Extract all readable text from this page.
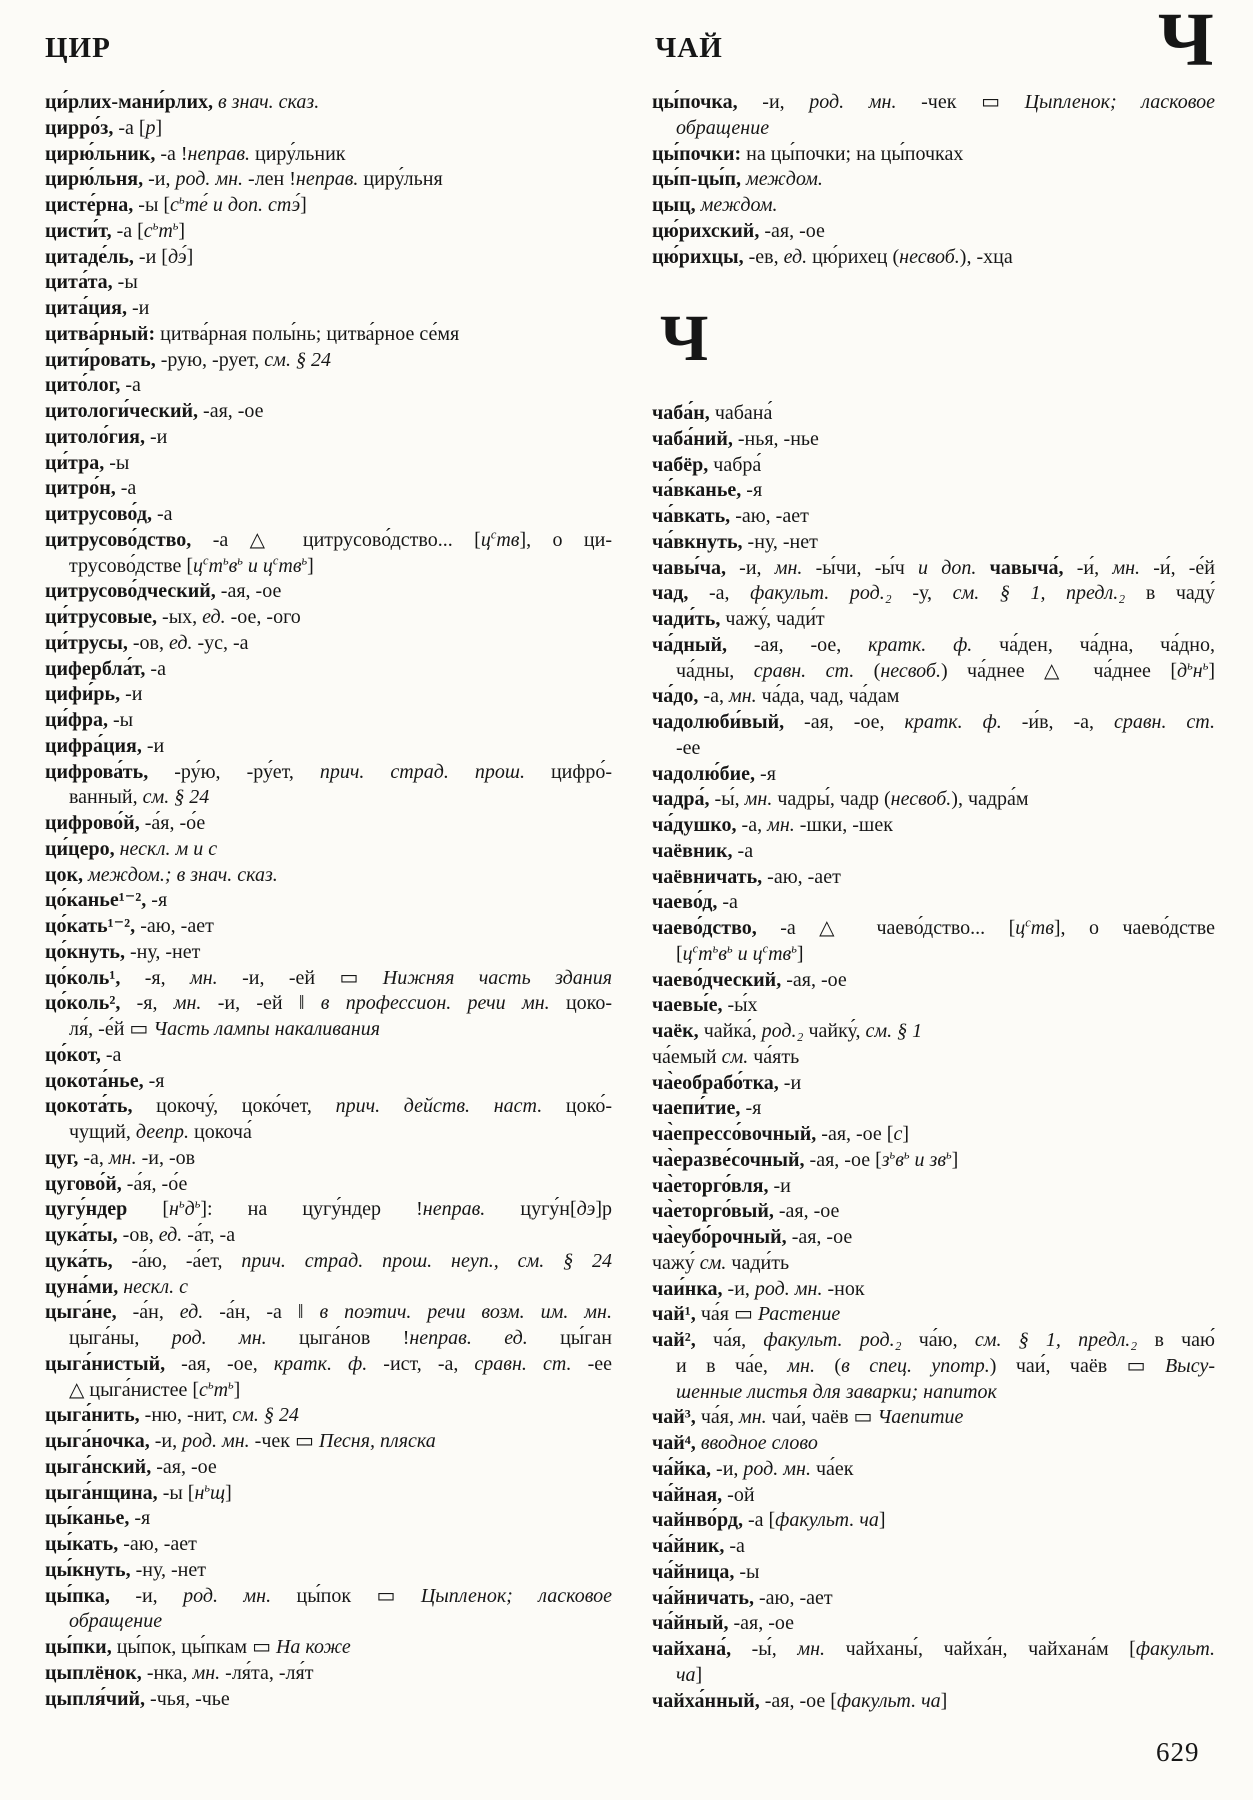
ЦИР	ЧАЙ	Ч
ци́рлих-мани́рлих, в знач. сказ.
цирро́з, -а [р]
цирю́льник, -а !неправ. циру́льник
цирю́льня, -и, род. мн. -лен !неправ. циру́льня
цисте́рна, -ы [$с^ьте́$ и доп. стэ́]
цисти́т, -а $[с^ьт^ь]$
цитаде́ль, -и [дэ́]
цита́та, -ы
цита́ция, -и
цитва́рный: цитва́рная полы́нь; цитва́рное се́мя
цити́ровать, -рую, -рует, см. § 24
цито́лог, -а
цитологи́ческий, -ая, -ое
цитоло́гия, -и
ци́тра, -ы
цитро́н, -а
цитрусово́д, -а
цитрусово́дство, -а △ цитрусово́дство... $[ц^ств]$, о ци-
трусово́дстве [$ц^ст^ьв^ь$ и $ц^ств^ь$]
цитрусово́дческий, -ая, -ое
ци́трусовые, -ых, ед. -ое, -ого
ци́трусы, -ов, ед. -ус, -а
цифербла́т, -а
цифи́рь, -и
ци́фра, -ы
цифра́ция, -и
цифрова́ть, -ру́ю, -ру́ет, прич. страд. прош. цифро́-
ванный, см. § 24
цифрово́й, -а́я, -о́е
ци́церо, нескл. м и с
цок, междом.; в знач. сказ.
цо́канье¹⁻², -я
цо́кать¹⁻², -аю, -ает
цо́кнуть, -ну, -нет
цо́коль¹, -я, мн. -и, -ей ▭ Нижняя часть здания
цо́коль², -я, мн. -и, -ей ‖ в профессион. речи мн. цоко-
ля́, -е́й ▭ Часть лампы накаливания
цо́кот, -а
цокота́нье, -я
цокота́ть, цокочу́, цоко́чет, прич. действ. наст. цоко́-
чущий, деепр. цокоча́
цуг, -а, мн. -и, -ов
цугово́й, -а́я, -о́е
цугу́ндер $[н^ьд^ь]$: на цугу́ндер !неправ. цугу́н[дэ]р
цука́ты, -ов, ед. -а́т, -а
цука́ть, -а́ю, -а́ет, прич. страд. прош. неуп., см. § 24
цуна́ми, нескл. с
цыга́не, -а́н, ед. -а́н, -а ‖ в поэтич. речи возм. им. мн.
цыга́ны, род. мн. цыга́нов !неправ. ед. цы́ган
цыга́нистый, -ая, -ое, кратк. ф. -ист, -а, сравн. ст. -ее
△ цыга́нистее $[с^ьт^ь]$
цыга́нить, -ню, -нит, см. § 24
цыга́ночка, -и, род. мн. -чек ▭ Песня, пляска
цыга́нский, -ая, -ое
цыга́нщина, -ы $[н^ьщ]$
цы́канье, -я
цы́кать, -аю, -ает
цы́кнуть, -ну, -нет
цы́пка, -и, род. мн. цы́пок ▭ Цыпленок; ласковое
обращение
цы́пки, цы́пок, цы́пкам ▭ На коже
цыплёнок, -нка, мн. -ля́та, -ля́т
цыпля́чий, -чья, -чье
цы́почка, -и, род. мн. -чек ▭ Цыпленок; ласковое
обращение
цы́почки: на цы́почки; на цы́почках
цы́п-цы́п, междом.
цыц, междом.
цю́рихский, -ая, -ое
цю́рихцы, -ев, ед. цю́рихец (несвоб.), -хца
Ч
чаба́н, чабана́
чаба́ний, -нья, -нье
чабёр, чабра́
ча́вканье, -я
ча́вкать, -аю, -ает
ча́вкнуть, -ну, -нет
чавы́ча, -и, мн. -ы́чи, -ы́ч и доп. чавыча́, -и́, мн. -и́, -е́й
чад, -а, факульт. род.₂ -у, см. § 1, предл.₂ в чаду́
чади́ть, чажу́, чади́т
ча́дный, -ая, -ое, кратк. ф. ча́ден, ча́дна, ча́дно,
ча́дны, сравн. ст. (несвоб.) ча́днее △ ча́днее $[д^ьн^ь]$
ча́до, -а, мн. ча́да, чад, ча́дам
чадолюби́вый, -ая, -ое, кратк. ф. -и́в, -а, сравн. ст.
-ее
чадолю́бие, -я
чадра́, -ы́, мн. чадры́, чадр (несвоб.), чадра́м
ча́душко, -а, мн. -шки, -шек
чаёвник, -а
чаёвничать, -аю, -ает
чаево́д, -а
чаево́дство, -а △ чаево́дство... $[ц^ств]$, о чаево́дстве
[$ц^ст^ьв^ь$ и $ц^ств^ь$]
чаево́дческий, -ая, -ое
чаевы́е, -ы́х
чаёк, чайка́, род.₂ чайку́, см. § 1
ча́емый см. ча́ять
ча̀еобрабо́тка, -и
чаепи́тие, -я
ча̀епрессо́вочный, -ая, -ое [с]
ча̀еразве́сочный, -ая, -ое [$з^ьв^ь$ и $зв^ь$]
ча̀еторго́вля, -и
ча̀еторго́вый, -ая, -ое
ча̀еубо́рочный, -ая, -ое
чажу́ см. чади́ть
чаи́нка, -и, род. мн. -нок
чай¹, ча́я ▭ Растение
чай², ча́я, факульт. род.₂ ча́ю, см. § 1, предл.₂ в чаю́
и в ча́е, мн. (в спец. употр.) чаи́, чаёв ▭ Высу-
шенные листья для заварки; напиток
чай³, ча́я, мн. чаи́, чаёв ▭ Чаепитие
чай⁴, вводное слово
ча́йка, -и, род. мн. ча́ек
ча́йная, -ой
чайнво́рд, -а [факульт. ча]
ча́йник, -а
ча́йница, -ы
ча́йничать, -аю, -ает
ча́йный, -ая, -ое
чайхана́, -ы́, мн. чайханы́, чайха́н, чайхана́м [факульт.
ча]
чайха́нный, -ая, -ое [факульт. ча]
629
